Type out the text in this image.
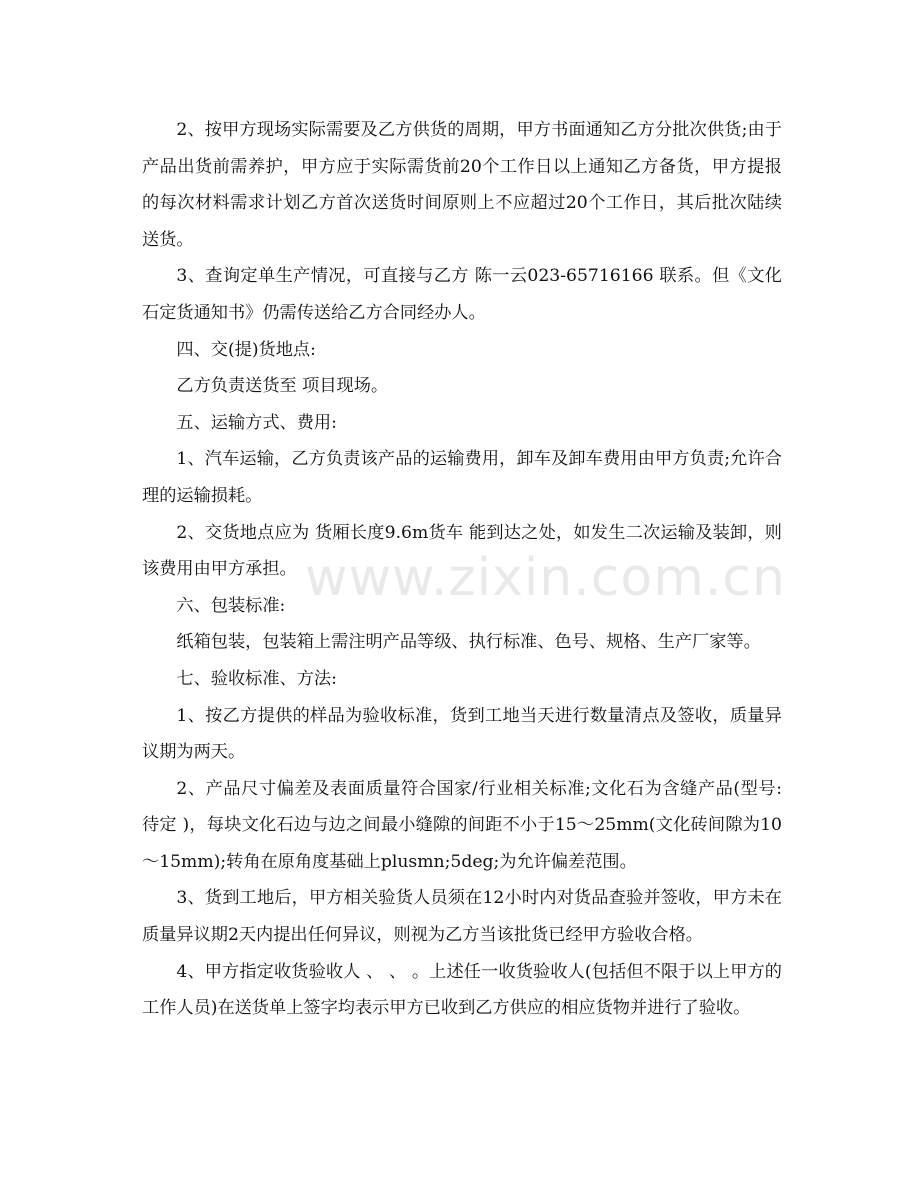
www.zixin.com.cn

2、按甲方现场实际需要及乙方供货的周期，甲方书面通知乙方分批次供货;由于产品出货前需养护，甲方应于实际需货前20个工作日以上通知乙方备货，甲方提报的每次材料需求计划乙方首次送货时间原则上不应超过20个工作日，其后批次陆续送货。

3、查询定单生产情况，可直接与乙方 陈一云023-65716166 联系。但《文化石定货通知书》仍需传送给乙方合同经办人。

四、交(提)货地点:

乙方负责送货至 项目现场。

五、运输方式、费用:

1、汽车运输，乙方负责该产品的运输费用，卸车及卸车费用由甲方负责;允许合理的运输损耗。

2、交货地点应为 货厢长度9.6m货车 能到达之处，如发生二次运输及装卸，则该费用由甲方承担。

六、包装标准:

纸箱包装，包装箱上需注明产品等级、执行标准、色号、规格、生产厂家等。

七、验收标准、方法:

1、按乙方提供的样品为验收标准，货到工地当天进行数量清点及签收，质量异议期为两天。

2、产品尺寸偏差及表面质量符合国家/行业相关标准;文化石为含缝产品(型号: 待定 )，每块文化石边与边之间最小缝隙的间距不小于15～25mm(文化砖间隙为10～15mm);转角在原角度基础上plusmn;5deg;为允许偏差范围。

3、货到工地后，甲方相关验货人员须在12小时内对货品查验并签收，甲方未在质量异议期2天内提出任何异议，则视为乙方当该批货已经甲方验收合格。

4、甲方指定收货验收人 、 、 。上述任一收货验收人(包括但不限于以上甲方的工作人员)在送货单上签字均表示甲方已收到乙方供应的相应货物并进行了验收。
